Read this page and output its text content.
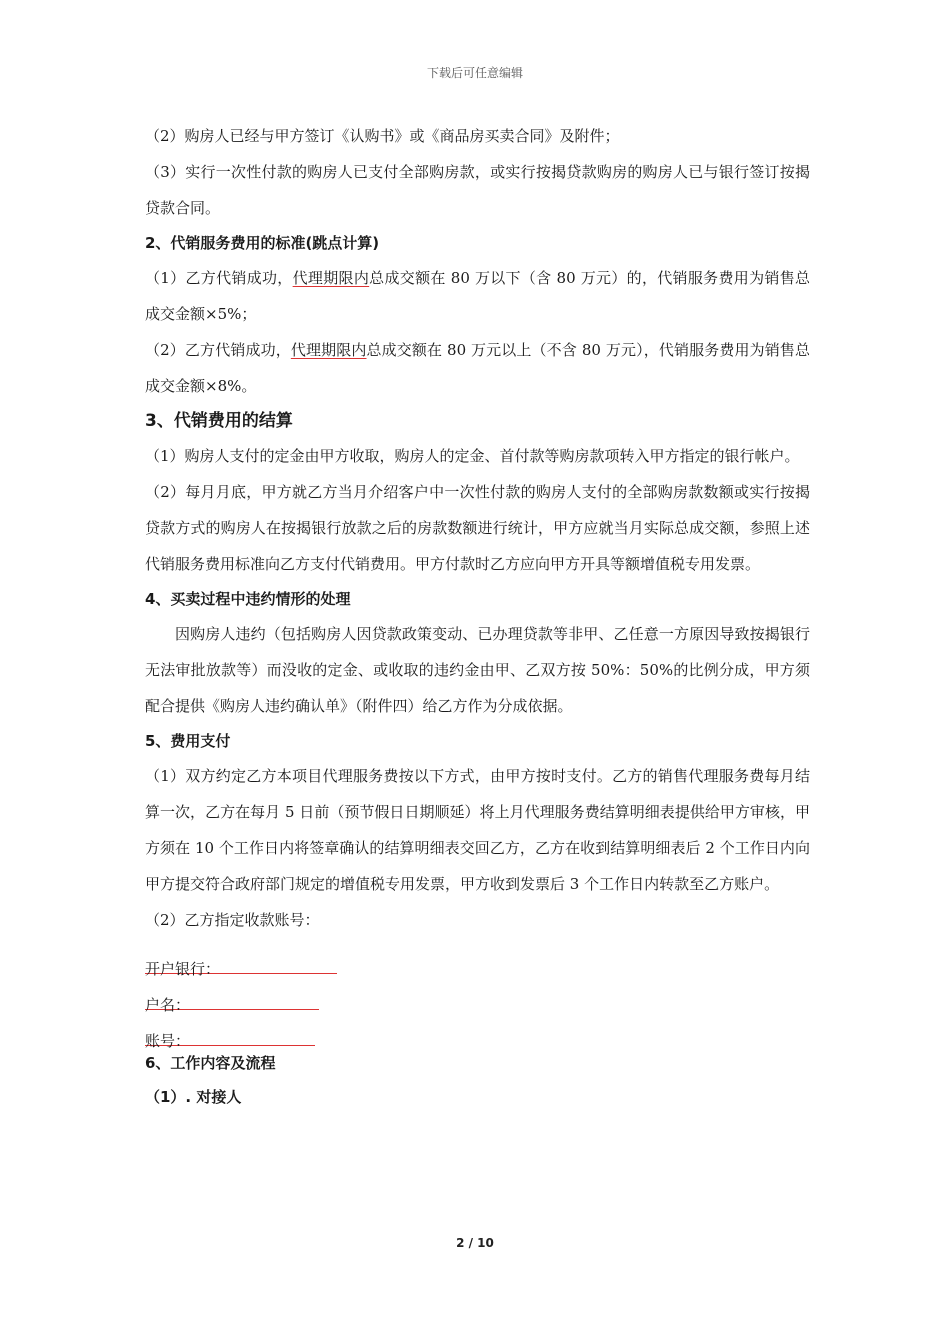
下载后可任意编辑

（2）购房人已经与甲方签订《认购书》或《商品房买卖合同》及附件；

（3）实行一次性付款的购房人已支付全部购房款，或实行按揭贷款购房的购房人已与银行签订按揭贷款合同。

2、代销服务费用的标准(跳点计算)

（1）乙方代销成功，代理期限内总成交额在 80 万以下（含 80 万元）的，代销服务费用为销售总成交金额×5%；

（2）乙方代销成功，代理期限内总成交额在 80 万元以上（不含 80 万元），代销服务费用为销售总成交金额×8%。

3、代销费用的结算

（1）购房人支付的定金由甲方收取，购房人的定金、首付款等购房款项转入甲方指定的银行帐户。

（2）每月月底，甲方就乙方当月介绍客户中一次性付款的购房人支付的全部购房款数额或实行按揭贷款方式的购房人在按揭银行放款之后的房款数额进行统计，甲方应就当月实际总成交额，参照上述代销服务费用标准向乙方支付代销费用。甲方付款时乙方应向甲方开具等额增值税专用发票。

4、买卖过程中违约情形的处理

因购房人违约（包括购房人因贷款政策变动、已办理贷款等非甲、乙任意一方原因导致按揭银行无法审批放款等）而没收的定金、或收取的违约金由甲、乙双方按 50%：50%的比例分成，甲方须配合提供《购房人违约确认单》（附件四）给乙方作为分成依据。

5、费用支付

（1）双方约定乙方本项目代理服务费按以下方式，由甲方按时支付。乙方的销售代理服务费每月结算一次，乙方在每月 5 日前（预节假日日期顺延）将上月代理服务费结算明细表提供给甲方审核，甲方须在 10 个工作日内将签章确认的结算明细表交回乙方，乙方在收到结算明细表后 2 个工作日内向甲方提交符合政府部门规定的增值税专用发票，甲方收到发票后 3 个工作日内转款至乙方账户。

（2）乙方指定收款账号：

开户银行：
户名：
账号：

6、工作内容及流程

（1）. 对接人

2 / 10
